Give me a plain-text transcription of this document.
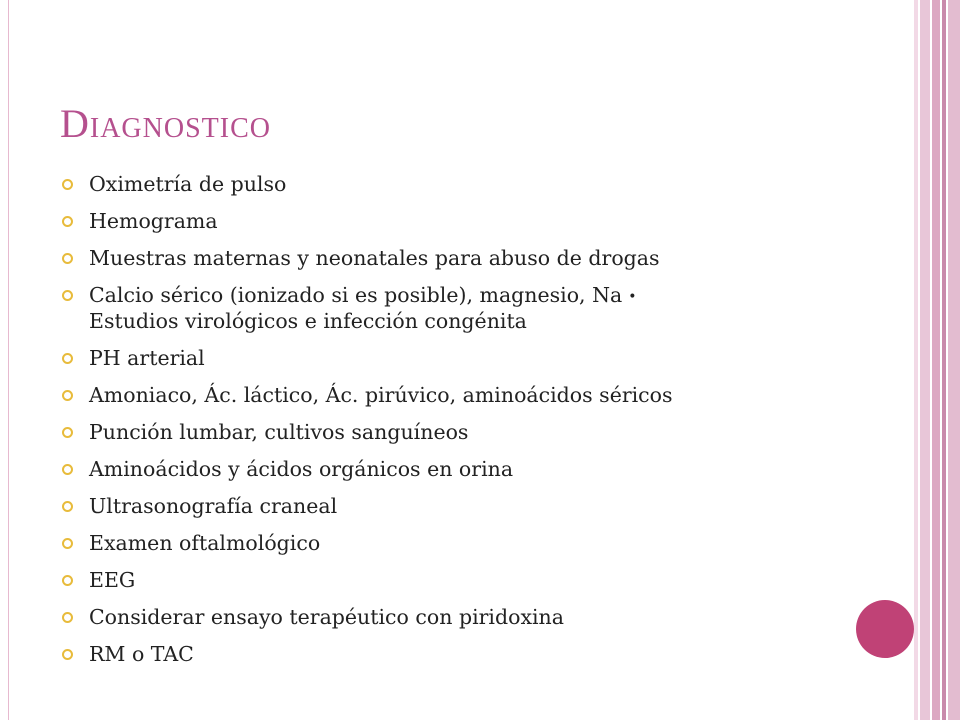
Diagnostico
Oximetría de pulso
Hemograma
Muestras maternas y neonatales para abuso de drogas
Calcio sérico (ionizado si es posible), magnesio, Na •
Estudios virológicos e infección congénita
PH arterial
Amoniaco, Ác. láctico, Ác. pirúvico, aminoácidos séricos
Punción lumbar, cultivos sanguíneos
Aminoácidos y ácidos orgánicos en orina
Ultrasonografía craneal
Examen oftalmológico
EEG
Considerar ensayo terapéutico con piridoxina
RM o TAC
